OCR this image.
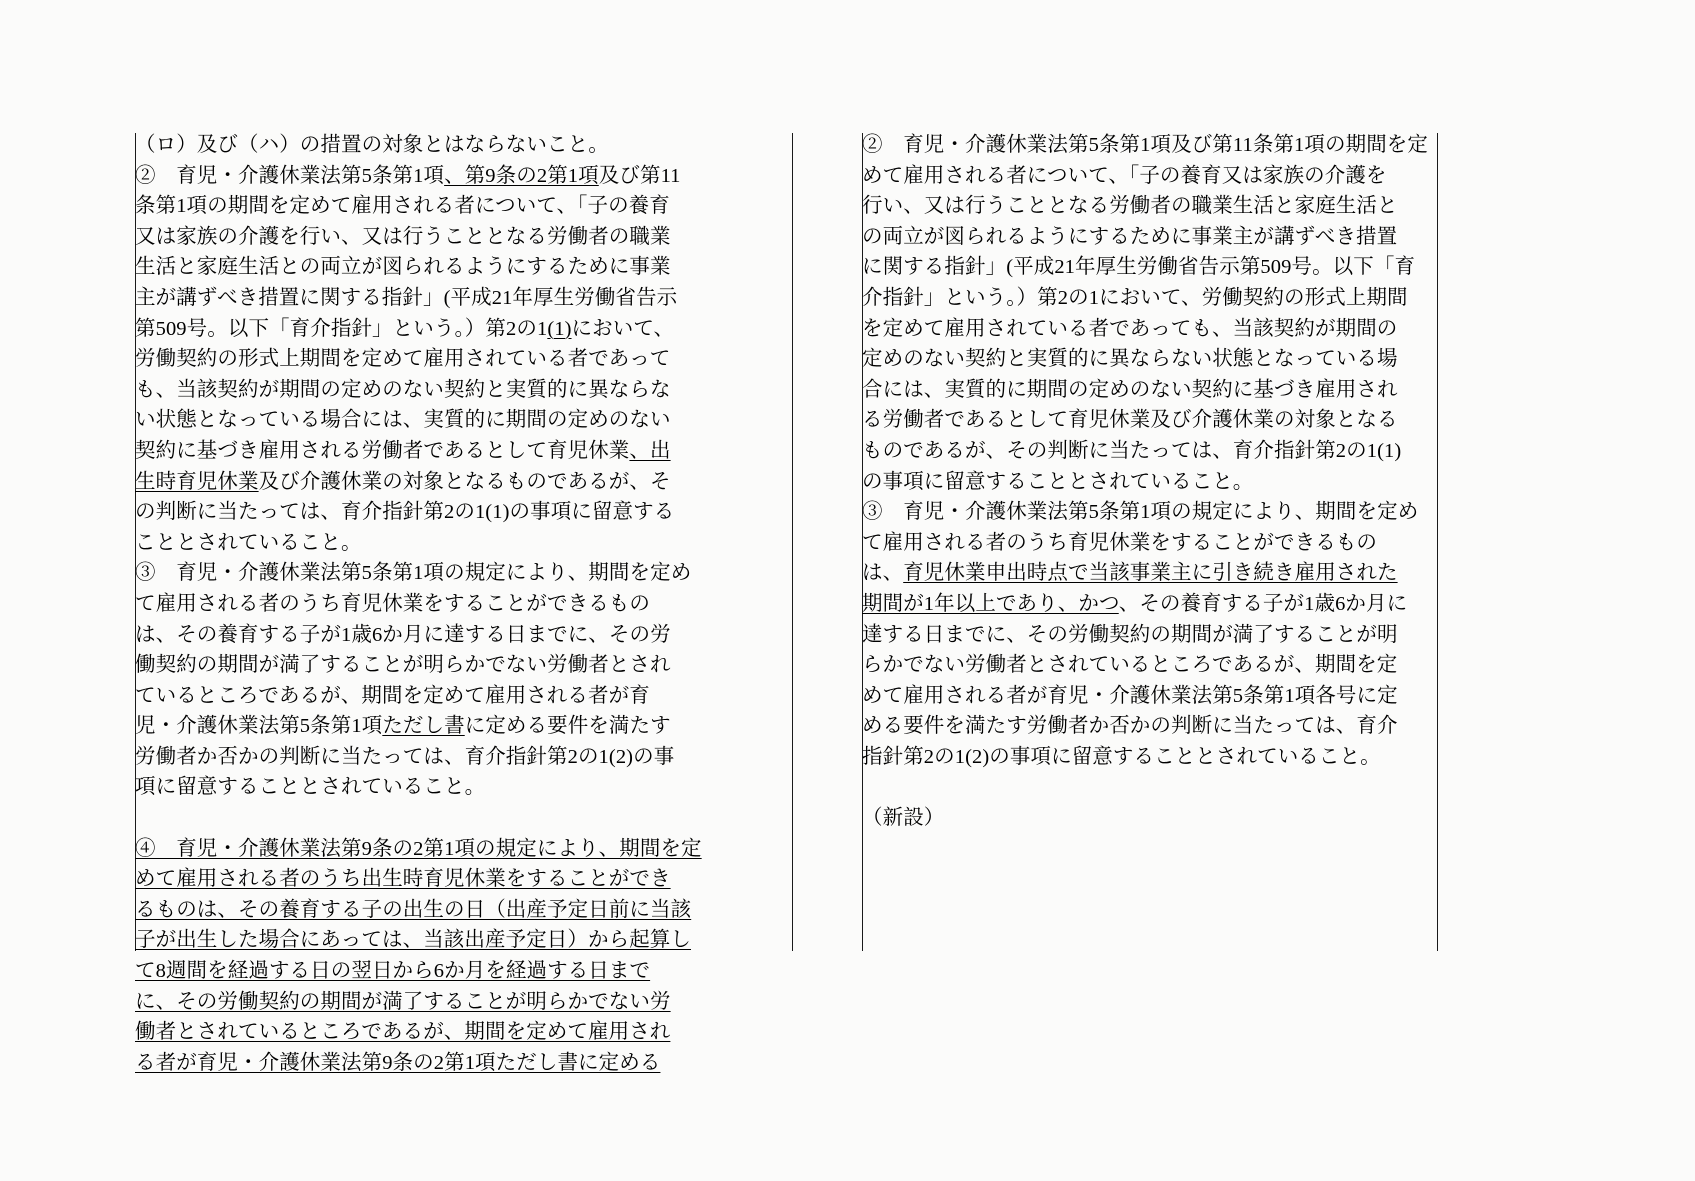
（ロ）及び（ハ）の措置の対象とはならないこと。
②　育児・介護休業法第5条第1項、第9条の2第1項及び第11
条第1項の期間を定めて雇用される者について、「子の養育
又は家族の介護を行い、又は行うこととなる労働者の職業
生活と家庭生活との両立が図られるようにするために事業
主が講ずべき措置に関する指針」(平成21年厚生労働省告示
第509号。以下「育介指針」という。）第2の1(1)において、
労働契約の形式上期間を定めて雇用されている者であって
も、当該契約が期間の定めのない契約と実質的に異ならな
い状態となっている場合には、実質的に期間の定めのない
契約に基づき雇用される労働者であるとして育児休業、出
生時育児休業及び介護休業の対象となるものであるが、そ
の判断に当たっては、育介指針第2の1(1)の事項に留意する
こととされていること。
③　育児・介護休業法第5条第1項の規定により、期間を定め
て雇用される者のうち育児休業をすることができるもの
は、その養育する子が1歳6か月に達する日までに、その労
働契約の期間が満了することが明らかでない労働者とされ
ているところであるが、期間を定めて雇用される者が育
児・介護休業法第5条第1項ただし書に定める要件を満たす
労働者か否かの判断に当たっては、育介指針第2の1(2)の事
項に留意することとされていること。
④　育児・介護休業法第9条の2第1項の規定により、期間を定
めて雇用される者のうち出生時育児休業をすることができ
るものは、その養育する子の出生の日（出産予定日前に当該
子が出生した場合にあっては、当該出産予定日）から起算し
て8週間を経過する日の翌日から6か月を経過する日まで
に、その労働契約の期間が満了することが明らかでない労
働者とされているところであるが、期間を定めて雇用され
る者が育児・介護休業法第9条の2第1項ただし書に定める
②　育児・介護休業法第5条第1項及び第11条第1項の期間を定
めて雇用される者について、「子の養育又は家族の介護を
行い、又は行うこととなる労働者の職業生活と家庭生活と
の両立が図られるようにするために事業主が講ずべき措置
に関する指針」(平成21年厚生労働省告示第509号。以下「育
介指針」という。）第2の1において、労働契約の形式上期間
を定めて雇用されている者であっても、当該契約が期間の
定めのない契約と実質的に異ならない状態となっている場
合には、実質的に期間の定めのない契約に基づき雇用され
る労働者であるとして育児休業及び介護休業の対象となる
ものであるが、その判断に当たっては、育介指針第2の1(1)
の事項に留意することとされていること。
③　育児・介護休業法第5条第1項の規定により、期間を定め
て雇用される者のうち育児休業をすることができるもの
は、育児休業申出時点で当該事業主に引き続き雇用された
期間が1年以上であり、かつ、その養育する子が1歳6か月に
達する日までに、その労働契約の期間が満了することが明
らかでない労働者とされているところであるが、期間を定
めて雇用される者が育児・介護休業法第5条第1項各号に定
める要件を満たす労働者か否かの判断に当たっては、育介
指針第2の1(2)の事項に留意することとされていること。
（新設）
